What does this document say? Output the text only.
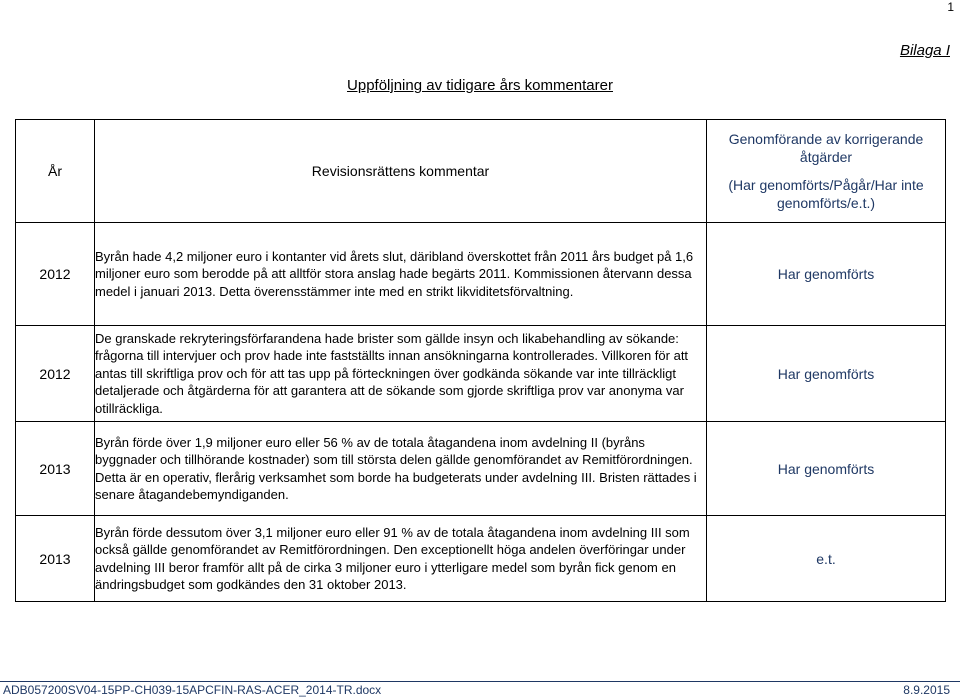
1
Bilaga I
Uppföljning av tidigare års kommentarer
År	Revisionsrättens kommentar	Genomförande av korrigerande åtgärder
(Har genomförts/Pågår/Har inte genomförts/e.t.)

2012	Byrån hade 4,2 miljoner euro i kontanter vid årets slut, däribland överskottet från 2011 års budget på 1,6 miljoner euro som berodde på att alltför stora anslag hade begärts 2011. Kommissionen återvann dessa medel i januari 2013. Detta överensstämmer inte med en strikt likviditetsförvaltning.	Har genomförts
2012	De granskade rekryteringsförfarandena hade brister som gällde insyn och likabehandling av sökande: frågorna till intervjuer och prov hade inte fastställts innan ansökningarna kontrollerades. Villkoren för att antas till skriftliga prov och för att tas upp på förteckningen över godkända sökande var inte tillräckligt detaljerade och åtgärderna för att garantera att de sökande som gjorde skriftliga prov var anonyma var otillräckliga.	Har genomförts
2013	Byrån förde över 1,9 miljoner euro eller 56 % av de totala åtagandena inom avdelning II (byråns byggnader och tillhörande kostnader) som till största delen gällde genomförandet av Remitförordningen. Detta är en operativ, flerårig verksamhet som borde ha budgeterats under avdelning III. Bristen rättades i senare åtagandebemyndiganden.	Har genomförts
2013	Byrån förde dessutom över 3,1 miljoner euro eller 91 % av de totala åtagandena inom avdelning III som också gällde genomförandet av Remitförordningen. Den exceptionellt höga andelen överföringar under avdelning III beror framför allt på de cirka 3 miljoner euro i ytterligare medel som byrån fick genom en ändringsbudget som godkändes den 31 oktober 2013.	e.t.
ADB057200SV04-15PP-CH039-15APCFIN-RAS-ACER_2014-TR.docx	8.9.2015
